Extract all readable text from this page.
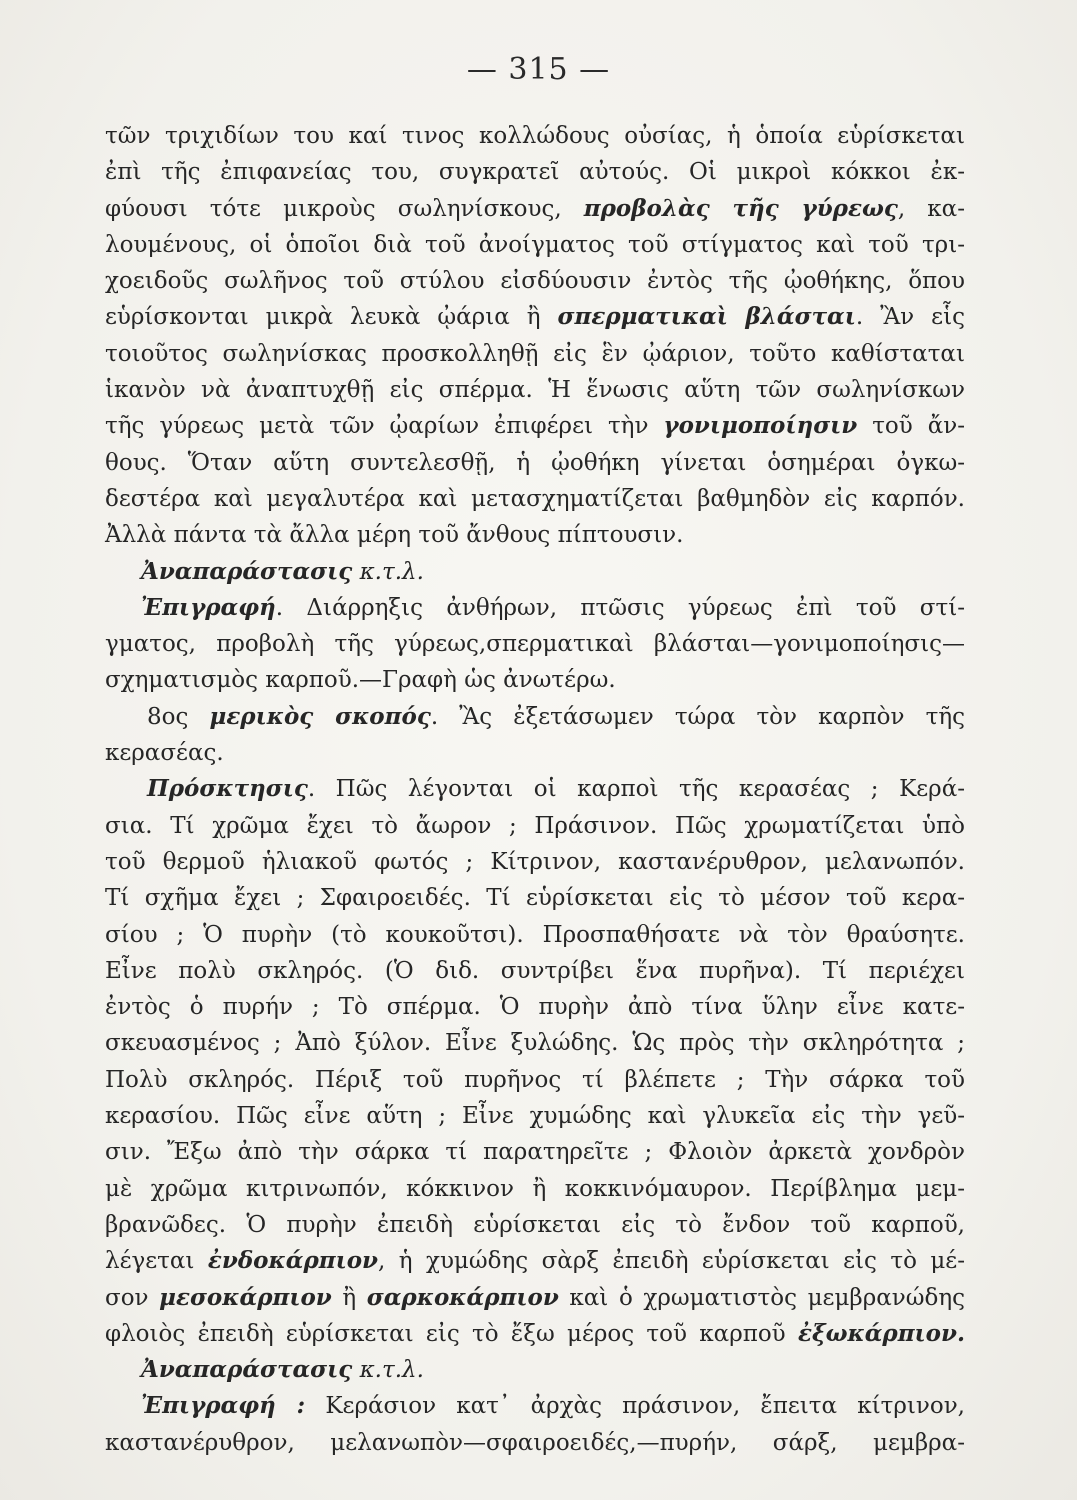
— 315 —
τῶν τριχιδίων του καί τινος κολλώδους οὐσίας, ἡ ὁποία εὑρίσκεται
ἐπὶ τῆς ἐπιφανείας του, συγκρατεῖ αὐτούς. Οἱ μικροὶ κόκκοι ἐκ-
φύουσι τότε μικροὺς σωληνίσκους, προβολὰς τῆς γύρεως, κα-
λουμένους, οἱ ὁποῖοι διὰ τοῦ ἀνοίγματος τοῦ στίγματος καὶ τοῦ τρι-
χοειδοῦς σωλῆνος τοῦ στύλου εἰσδύουσιν ἐντὸς τῆς ᾠοθήκης, ὅπου
εὑρίσκονται μικρὰ λευκὰ ᾠάρια ἢ σπερματικαὶ βλάσται. Ἂν εἷς
τοιοῦτος σωληνίσκας προσκολληθῇ εἰς ἓν ᾠάριον, τοῦτο καθίσταται
ἱκανὸν νὰ ἀναπτυχθῇ εἰς σπέρμα. Ἡ ἕνωσις αὕτη τῶν σωληνίσκων
τῆς γύρεως μετὰ τῶν ᾠαρίων ἐπιφέρει τὴν γονιμοποίησιν τοῦ ἄν-
θους. Ὅταν αὕτη συντελεσθῇ, ἡ ᾠοθήκη γίνεται ὁσημέραι ὀγκω-
δεστέρα καὶ μεγαλυτέρα καὶ μετασχηματίζεται βαθμηδὸν εἰς καρπόν.
Ἀλλὰ πάντα τὰ ἄλλα μέρη τοῦ ἄνθους πίπτουσιν.
Ἀναπαράστασις κ.τ.λ.
Ἐπιγραφή. Διάρρηξις ἀνθήρων, πτῶσις γύρεως ἐπὶ τοῦ στί-
γματος, προβολὴ τῆς γύρεως,σπερματικαὶ βλάσται—γονιμοποίησις—
σχηματισμὸς καρποῦ.—Γραφὴ ὡς ἀνωτέρω.
8ος μερικὸς σκοπός. Ἂς ἐξετάσωμεν τώρα τὸν καρπὸν τῆς
κερασέας.
Πρόσκτησις. Πῶς λέγονται οἱ καρποὶ τῆς κερασέας ; Κερά-
σια. Τί χρῶμα ἔχει τὸ ἄωρον ; Πράσινον. Πῶς χρωματίζεται ὑπὸ
τοῦ θερμοῦ ἡλιακοῦ φωτός ; Κίτρινον, καστανέρυθρον, μελανωπόν.
Τί σχῆμα ἔχει ; Σφαιροειδές. Τί εὑρίσκεται εἰς τὸ μέσον τοῦ κερα-
σίου ; Ὁ πυρὴν (τὸ κουκοῦτσι). Προσπαθήσατε νὰ τὸν θραύσητε.
Εἶνε πολὺ σκληρός. (Ὁ διδ. συντρίβει ἕνα πυρῆνα). Τί περιέχει
ἐντὸς ὁ πυρήν ; Τὸ σπέρμα. Ὁ πυρὴν ἀπὸ τίνα ὕλην εἶνε κατε-
σκευασμένος ; Ἀπὸ ξύλον. Εἶνε ξυλώδης. Ὡς πρὸς τὴν σκληρότητα ;
Πολὺ σκληρός. Πέριξ τοῦ πυρῆνος τί βλέπετε ; Τὴν σάρκα τοῦ
κερασίου. Πῶς εἶνε αὕτη ; Εἶνε χυμώδης καὶ γλυκεῖα εἰς τὴν γεῦ-
σιν. Ἔξω ἀπὸ τὴν σάρκα τί παρατηρεῖτε ; Φλοιὸν ἀρκετὰ χονδρὸν
μὲ χρῶμα κιτρινωπόν, κόκκινον ἢ κοκκινόμαυρον. Περίβλημα μεμ-
βρανῶδες. Ὁ πυρὴν ἐπειδὴ εὑρίσκεται εἰς τὸ ἔνδον τοῦ καρποῦ,
λέγεται ἐνδοκάρπιον, ἡ χυμώδης σὰρξ ἐπειδὴ εὑρίσκεται εἰς τὸ μέ-
σον μεσοκάρπιον ἢ σαρκοκάρπιον καὶ ὁ χρωματιστὸς μεμβρανώδης
φλοιὸς ἐπειδὴ εὑρίσκεται εἰς τὸ ἔξω μέρος τοῦ καρποῦ ἐξωκάρπιον.
Ἀναπαράστασις κ.τ.λ.
Ἐπιγραφή : Κεράσιον κατ᾽ ἀρχὰς πράσινον, ἔπειτα κίτρινον,
καστανέρυθρον, μελανωπὸν—σφαιροειδές,—πυρήν, σάρξ, μεμβρα-
